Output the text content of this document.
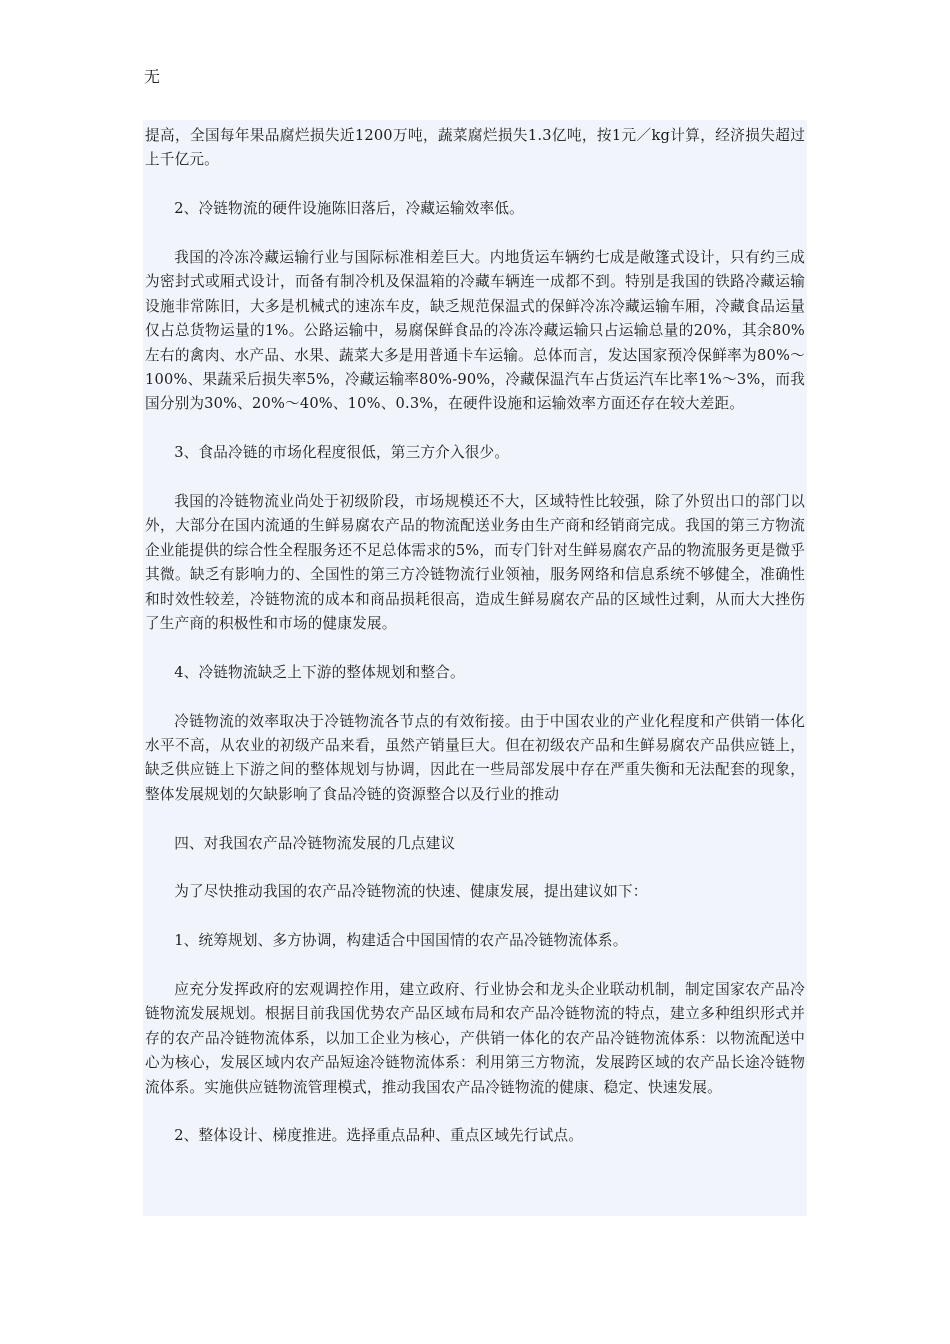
无

提高，全国每年果品腐烂损失近1200万吨，蔬菜腐烂损失1.3亿吨，按1元／kg计算，经济损失超过上千亿元。

2、冷链物流的硬件设施陈旧落后，冷藏运输效率低。

我国的冷冻冷藏运输行业与国际标准相差巨大。内地货运车辆约七成是敞篷式设计，只有约三成为密封式或厢式设计，而备有制冷机及保温箱的冷藏车辆连一成都不到。特别是我国的铁路冷藏运输设施非常陈旧，大多是机械式的速冻车皮，缺乏规范保温式的保鲜冷冻冷藏运输车厢，冷藏食品运量仅占总货物运量的1%。公路运输中，易腐保鲜食品的冷冻冷藏运输只占运输总量的20%，其余80%左右的禽肉、水产品、水果、蔬菜大多是用普通卡车运输。总体而言，发达国家预冷保鲜率为80%～100%、果蔬采后损失率5%，冷藏运输率80%-90%，冷藏保温汽车占货运汽车比率1%～3%，而我国分别为30%、20%～40%、10%、0.3%，在硬件设施和运输效率方面还存在较大差距。

3、食品冷链的市场化程度很低，第三方介入很少。

我国的冷链物流业尚处于初级阶段，市场规模还不大，区域特性比较强，除了外贸出口的部门以外，大部分在国内流通的生鲜易腐农产品的物流配送业务由生产商和经销商完成。我国的第三方物流企业能提供的综合性全程服务还不足总体需求的5%，而专门针对生鲜易腐农产品的物流服务更是微乎其微。缺乏有影响力的、全国性的第三方冷链物流行业领袖，服务网络和信息系统不够健全，准确性和时效性较差，冷链物流的成本和商品损耗很高，造成生鲜易腐农产品的区域性过剩，从而大大挫伤了生产商的积极性和市场的健康发展。

4、冷链物流缺乏上下游的整体规划和整合。

冷链物流的效率取决于冷链物流各节点的有效衔接。由于中国农业的产业化程度和产供销一体化水平不高，从农业的初级产品来看，虽然产销量巨大。但在初级农产品和生鲜易腐农产品供应链上，缺乏供应链上下游之间的整体规划与协调，因此在一些局部发展中存在严重失衡和无法配套的现象，整体发展规划的欠缺影响了食品冷链的资源整合以及行业的推动

四、对我国农产品冷链物流发展的几点建议

为了尽快推动我国的农产品冷链物流的快速、健康发展，提出建议如下：

1、统筹规划、多方协调，构建适合中国国情的农产品冷链物流体系。

应充分发挥政府的宏观调控作用，建立政府、行业协会和龙头企业联动机制，制定国家农产品冷链物流发展规划。根据目前我国优势农产品区域布局和农产品冷链物流的特点，建立多种组织形式并存的农产品冷链物流体系，以加工企业为核心，产供销一体化的农产品冷链物流体系：以物流配送中心为核心，发展区域内农产品短途冷链物流体系：利用第三方物流，发展跨区域的农产品长途冷链物流体系。实施供应链物流管理模式，推动我国农产品冷链物流的健康、稳定、快速发展。

2、整体设计、梯度推进。选择重点品种、重点区域先行试点。
